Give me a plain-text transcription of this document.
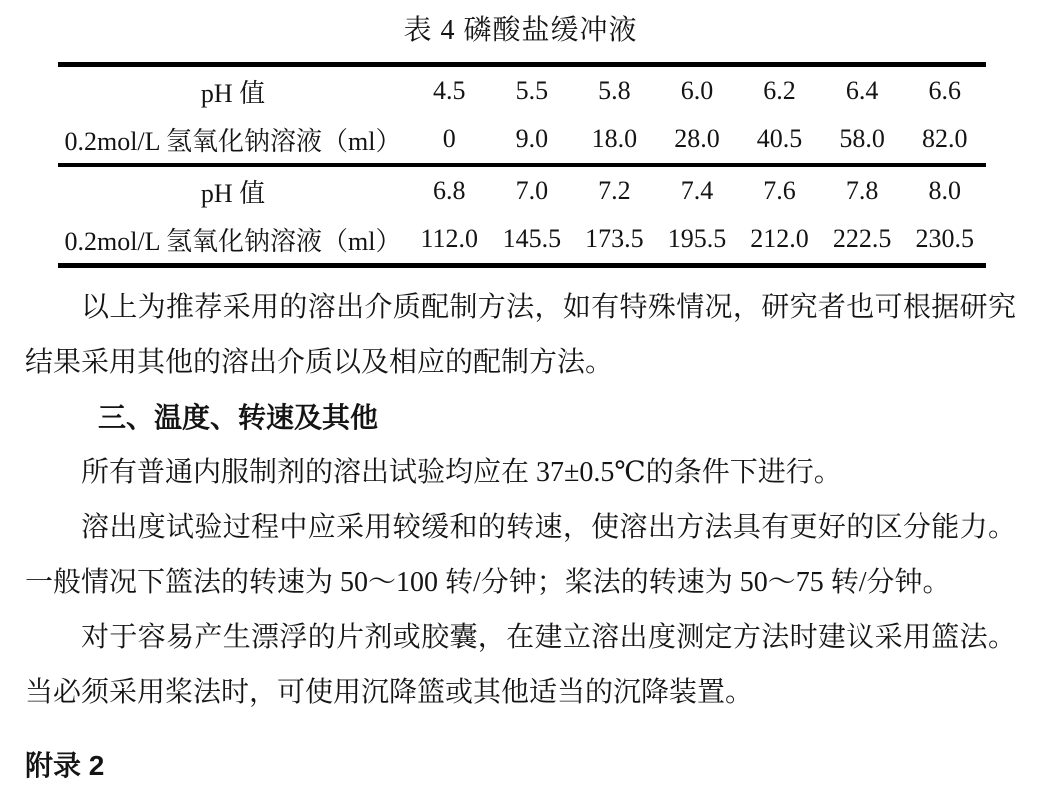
表 4 磷酸盐缓冲液
pH 值	4.5	5.5	5.8	6.0	6.2	6.4	6.6
0.2mol/L 氢氧化钠溶液（ml）	0	9.0	18.0	28.0	40.5	58.0	82.0
pH 值	6.8	7.0	7.2	7.4	7.6	7.8	8.0
0.2mol/L 氢氧化钠溶液（ml）	112.0	145.5	173.5	195.5	212.0	222.5	230.5

以上为推荐采用的溶出介质配制方法，如有特殊情况，研究者也可根据研究结果采用其他的溶出介质以及相应的配制方法。

三、温度、转速及其他

所有普通内服制剂的溶出试验均应在 37±0.5℃的条件下进行。

溶出度试验过程中应采用较缓和的转速，使溶出方法具有更好的区分能力。一般情况下篮法的转速为 50～100 转/分钟；桨法的转速为 50～75 转/分钟。

对于容易产生漂浮的片剂或胶囊，在建立溶出度测定方法时建议采用篮法。当必须采用桨法时，可使用沉降篮或其他适当的沉降装置。

附录 2
